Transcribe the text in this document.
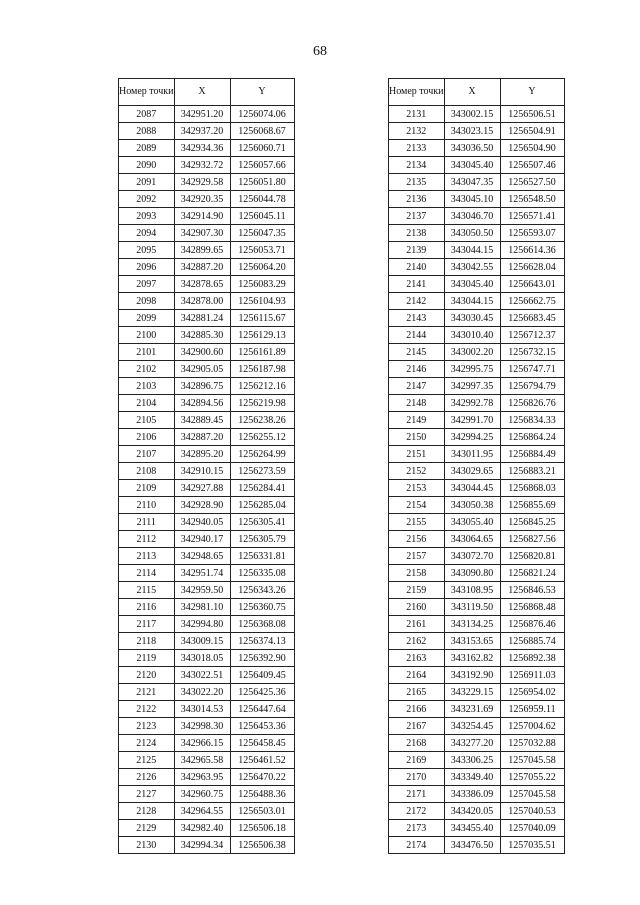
68
Номер точки	X	Y
2087	342951.20	1256074.06
2088	342937.20	1256068.67
2089	342934.36	1256060.71
2090	342932.72	1256057.66
2091	342929.58	1256051.80
2092	342920.35	1256044.78
2093	342914.90	1256045.11
2094	342907.30	1256047.35
2095	342899.65	1256053.71
2096	342887.20	1256064.20
2097	342878.65	1256083.29
2098	342878.00	1256104.93
2099	342881.24	1256115.67
2100	342885.30	1256129.13
2101	342900.60	1256161.89
2102	342905.05	1256187.98
2103	342896.75	1256212.16
2104	342894.56	1256219.98
2105	342889.45	1256238.26
2106	342887.20	1256255.12
2107	342895.20	1256264.99
2108	342910.15	1256273.59
2109	342927.88	1256284.41
2110	342928.90	1256285.04
2111	342940.05	1256305.41
2112	342940.17	1256305.79
2113	342948.65	1256331.81
2114	342951.74	1256335.08
2115	342959.50	1256343.26
2116	342981.10	1256360.75
2117	342994.80	1256368.08
2118	343009.15	1256374.13
2119	343018.05	1256392.90
2120	343022.51	1256409.45
2121	343022.20	1256425.36
2122	343014.53	1256447.64
2123	342998.30	1256453.36
2124	342966.15	1256458.45
2125	342965.58	1256461.52
2126	342963.95	1256470.22
2127	342960.75	1256488.36
2128	342964.55	1256503.01
2129	342982.40	1256506.18
2130	342994.34	1256506.38
Номер точки	X	Y
2131	343002.15	1256506.51
2132	343023.15	1256504.91
2133	343036.50	1256504.90
2134	343045.40	1256507.46
2135	343047.35	1256527.50
2136	343045.10	1256548.50
2137	343046.70	1256571.41
2138	343050.50	1256593.07
2139	343044.15	1256614.36
2140	343042.55	1256628.04
2141	343045.40	1256643.01
2142	343044.15	1256662.75
2143	343030.45	1256683.45
2144	343010.40	1256712.37
2145	343002.20	1256732.15
2146	342995.75	1256747.71
2147	342997.35	1256794.79
2148	342992.78	1256826.76
2149	342991.70	1256834.33
2150	342994.25	1256864.24
2151	343011.95	1256884.49
2152	343029.65	1256883.21
2153	343044.45	1256868.03
2154	343050.38	1256855.69
2155	343055.40	1256845.25
2156	343064.65	1256827.56
2157	343072.70	1256820.81
2158	343090.80	1256821.24
2159	343108.95	1256846.53
2160	343119.50	1256868.48
2161	343134.25	1256876.46
2162	343153.65	1256885.74
2163	343162.82	1256892.38
2164	343192.90	1256911.03
2165	343229.15	1256954.02
2166	343231.69	1256959.11
2167	343254.45	1257004.62
2168	343277.20	1257032.88
2169	343306.25	1257045.58
2170	343349.40	1257055.22
2171	343386.09	1257045.58
2172	343420.05	1257040.53
2173	343455.40	1257040.09
2174	343476.50	1257035.51
